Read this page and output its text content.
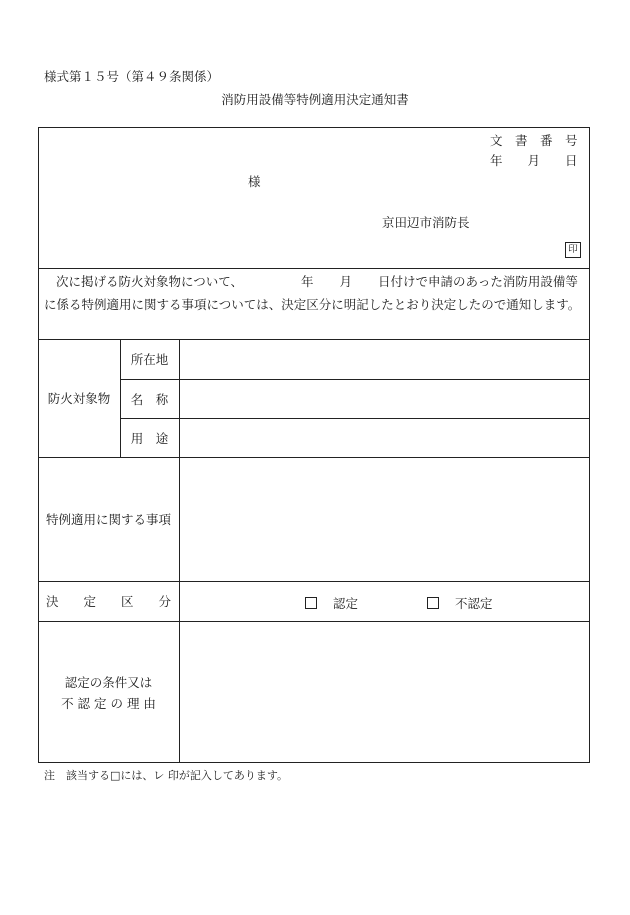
様式第１５号（第４９条関係）
消防用設備等特例適用決定通知書
文　書　番　号
年　　月　　日
様
京田辺市消防長
印
次に掲げる防火対象物について、	年 月 日付けで申請のあった消防用設備等に係る特例適用に関する事項については、決定区分に明記したとおり決定したので通知します。
防火対象物
所在地
名　称
用　途
特例適用に関する事項
決　　定　　区　　分	認定	不認定
認定の条件又は
不 認 定 の 理 由
注　該当する□には、レ 印が記入してあります。
